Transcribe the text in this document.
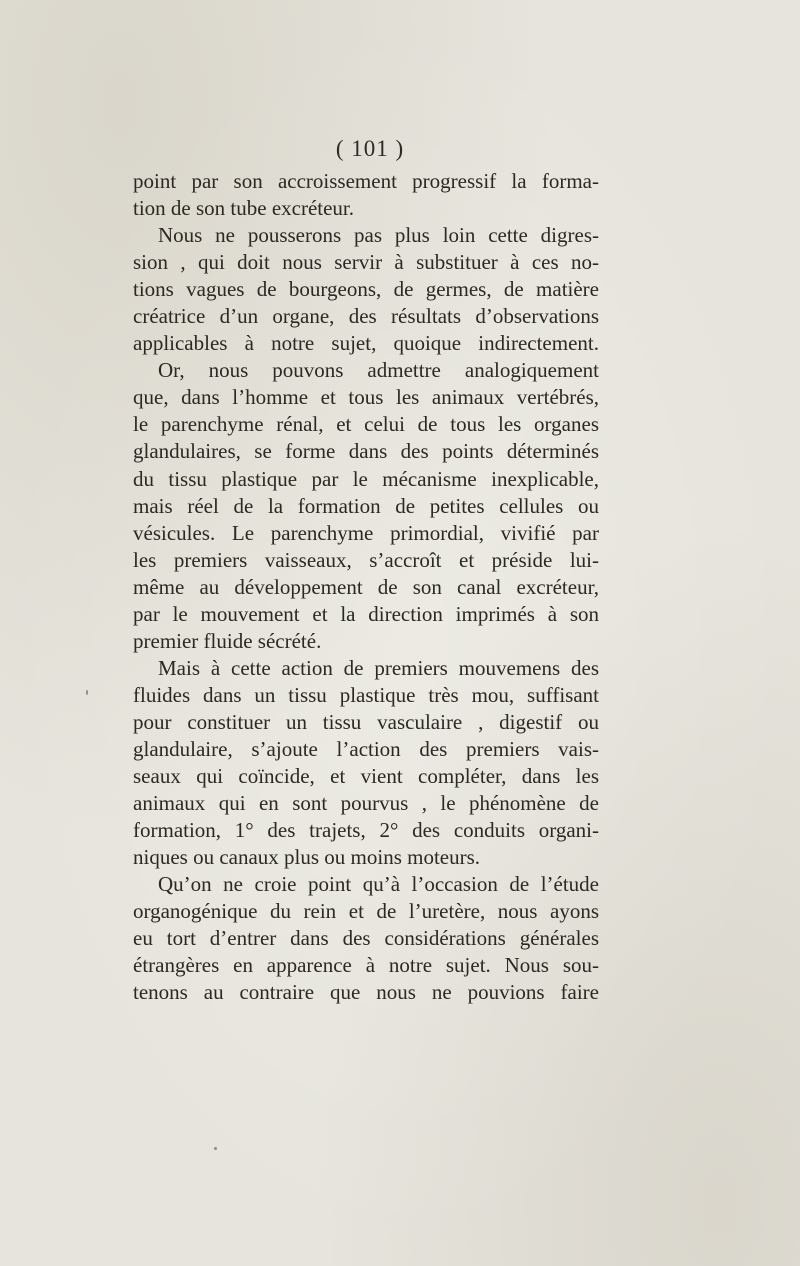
( 101 )
point par son accroissement progressif la forma-
tion de son tube excréteur.
Nous ne pousserons pas plus loin cette digres-
sion , qui doit nous servir à substituer à ces no-
tions vagues de bourgeons, de germes, de matière
créatrice d’un organe, des résultats d’observations
applicables à notre sujet, quoique indirectement.
Or, nous pouvons admettre analogiquement
que, dans l’homme et tous les animaux vertébrés,
le parenchyme rénal, et celui de tous les organes
glandulaires, se forme dans des points déterminés
du tissu plastique par le mécanisme inexplicable,
mais réel de la formation de petites cellules ou
vésicules. Le parenchyme primordial, vivifié par
les premiers vaisseaux, s’accroît et préside lui-
même au développement de son canal excréteur,
par le mouvement et la direction imprimés à son
premier fluide sécrété.
Mais à cette action de premiers mouvemens des
fluides dans un tissu plastique très mou, suffisant
pour constituer un tissu vasculaire , digestif ou
glandulaire, s’ajoute l’action des premiers vais-
seaux qui coïncide, et vient compléter, dans les
animaux qui en sont pourvus , le phénomène de
formation, 1° des trajets, 2° des conduits organi-
niques ou canaux plus ou moins moteurs.
Qu’on ne croie point qu’à l’occasion de l’étude
organogénique du rein et de l’uretère, nous ayons
eu tort d’entrer dans des considérations générales
étrangères en apparence à notre sujet. Nous sou-
tenons au contraire que nous ne pouvions faire
